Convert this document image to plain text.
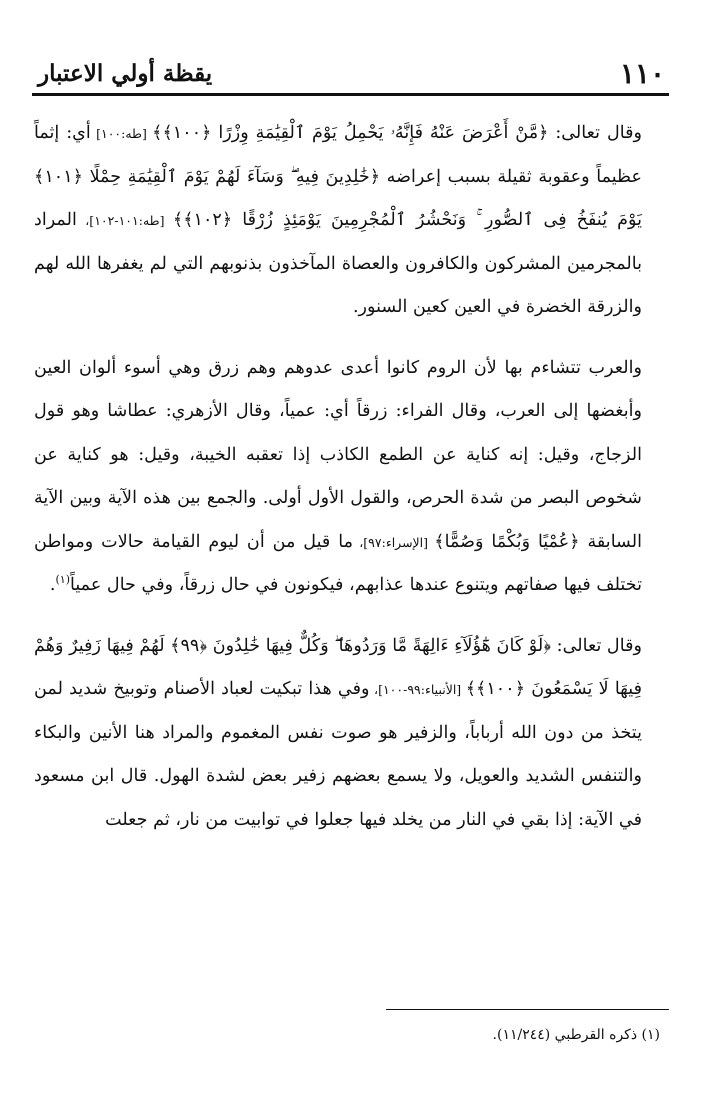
١١٠
يقظة أولي الاعتبار

وقال تعالى: ﴿مَّنْ أَعْرَضَ عَنْهُ فَإِنَّهُۥ يَحْمِلُ يَوْمَ ٱلْقِيَٰمَةِ وِزْرًا ﴿١٠٠﴾﴾ [طه:١٠٠] أي: إثماً عظيماً وعقوبة ثقيلة بسبب إعراضه ﴿خَٰلِدِينَ فِيهِ ۖ وَسَآءَ لَهُمْ يَوْمَ ٱلْقِيَٰمَةِ حِمْلًا ﴿١٠١﴾ يَوْمَ يُنفَخُ فِى ٱلصُّورِ ۚ وَنَحْشُرُ ٱلْمُجْرِمِينَ يَوْمَئِذٍ زُرْقًا ﴿١٠٢﴾﴾ [طه:١٠١-١٠٢]، المراد بالمجرمين المشركون والكافرون والعصاة المآخذون بذنوبهم التي لم يغفرها الله لهم والزرقة الخضرة في العين كعين السنور.

والعرب تتشاءم بها لأن الروم كانوا أعدى عدوهم وهم زرق وهي أسوء ألوان العين وأبغضها إلى العرب، وقال الفراء: زرقاً أي: عمياً، وقال الأزهري: عطاشا وهو قول الزجاج، وقيل: إنه كناية عن الطمع الكاذب إذا تعقبه الخيبة، وقيل: هو كناية عن شخوص البصر من شدة الحرص، والقول الأول أولى. والجمع بين هذه الآية وبين الآية السابقة ﴿عُمْيًا وَبُكْمًا وَصُمًّا﴾ [الإسراء:٩٧]، ما قيل من أن ليوم القيامة حالات ومواطن تختلف فيها صفاتهم ويتنوع عندها عذابهم، فيكونون في حال زرقاً، وفي حال عمياً$^{(١)}$.

وقال تعالى: ﴿لَوْ كَانَ هَٰٓؤُلَآءِ ءَالِهَةً مَّا وَرَدُوهَا ۖ وَكُلٌّ فِيهَا خَٰلِدُونَ ﴿٩٩﴾ لَهُمْ فِيهَا زَفِيرٌ وَهُمْ فِيهَا لَا يَسْمَعُونَ ﴿١٠٠﴾﴾ [الأنبياء:٩٩-١٠٠]، وفي هذا تبكيت لعباد الأصنام وتوبيخ شديد لمن يتخذ من دون الله أرباباً، والزفير هو صوت نفس المغموم والمراد هنا الأنين والبكاء والتنفس الشديد والعويل، ولا يسمع بعضهم زفير بعض لشدة الهول. قال ابن مسعود في الآية: إذا بقي في النار من يخلد فيها جعلوا في توابيت من نار، ثم جعلت

(١) ذكره القرطبي (١١/٢٤٤).
